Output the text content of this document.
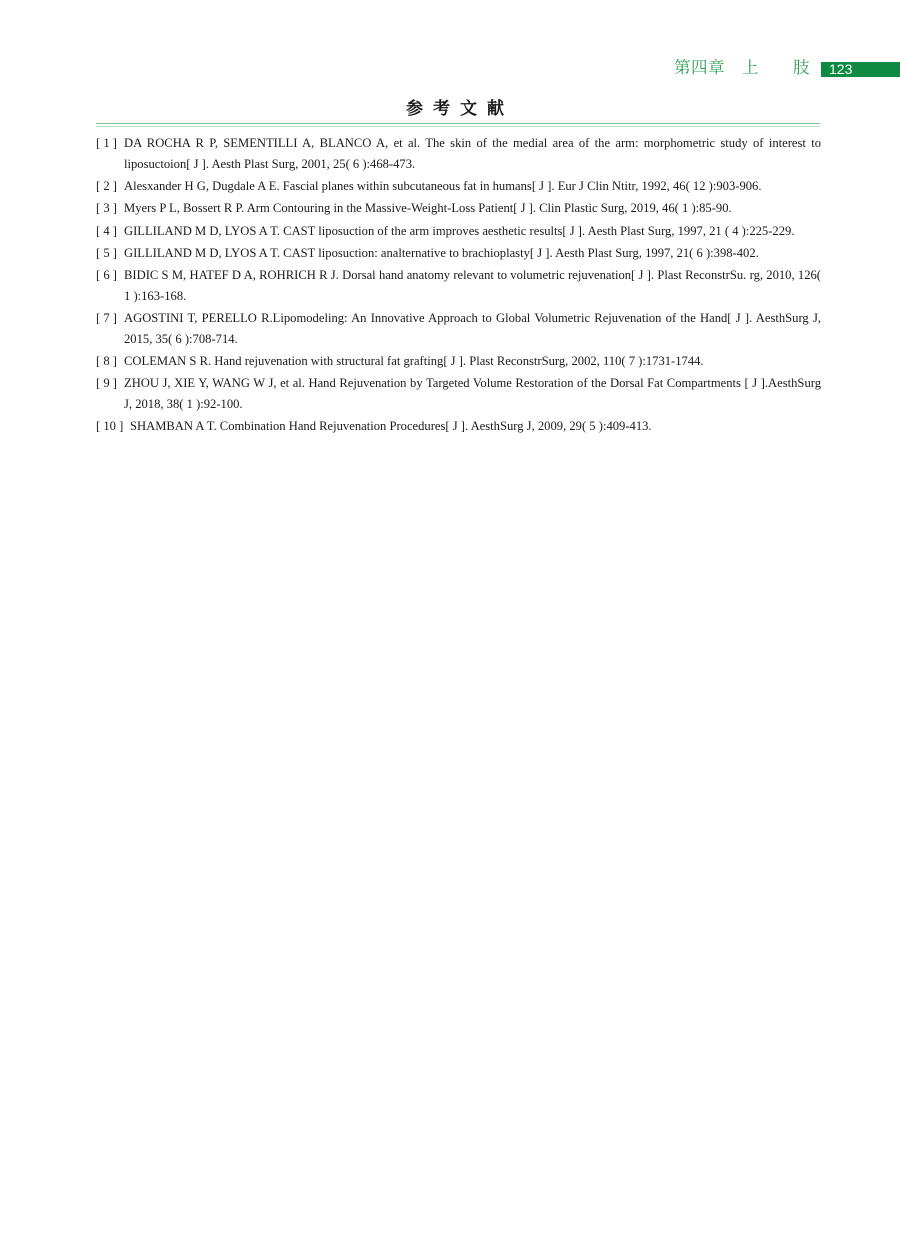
第四章　上　　肢 123
参考文献
[ 1 ] DA ROCHA R P, SEMENTILLI A, BLANCO A, et al. The skin of the medial area of the arm: morphometric study of interest to liposuctoion[ J ]. Aesth Plast Surg, 2001, 25( 6 ):468-473.
[ 2 ] Alesxander H G, Dugdale A E. Fascial planes within subcutaneous fat in humans[ J ]. Eur J Clin Ntitr, 1992, 46( 12 ):903-906.
[ 3 ] Myers P L, Bossert R P. Arm Contouring in the Massive-Weight-Loss Patient[ J ]. Clin Plastic Surg, 2019, 46( 1 ):85-90.
[ 4 ] GILLILAND M D, LYOS A T. CAST liposuction of the arm improves aesthetic results[ J ]. Aesth Plast Surg, 1997, 21 ( 4 ):225-229.
[ 5 ] GILLILAND M D, LYOS A T. CAST liposuction: analternative to brachioplasty[ J ]. Aesth Plast Surg, 1997, 21( 6 ):398-402.
[ 6 ] BIDIC S M, HATEF D A, ROHRICH R J. Dorsal hand anatomy relevant to volumetric rejuvenation[ J ]. Plast ReconstrSu. rg, 2010, 126( 1 ):163-168.
[ 7 ] AGOSTINI T, PERELLO R.Lipomodeling: An Innovative Approach to Global Volumetric Rejuvenation of the Hand[ J ]. AesthSurg J, 2015, 35( 6 ):708-714.
[ 8 ] COLEMAN S R. Hand rejuvenation with structural fat grafting[ J ]. Plast ReconstrSurg, 2002, 110( 7 ):1731-1744.
[ 9 ] ZHOU J, XIE Y, WANG W J, et al. Hand Rejuvenation by Targeted Volume Restoration of the Dorsal Fat Compartments [ J ].AesthSurg J, 2018, 38( 1 ):92-100.
[ 10 ] SHAMBAN A T. Combination Hand Rejuvenation Procedures[ J ]. AesthSurg J, 2009, 29( 5 ):409-413.
